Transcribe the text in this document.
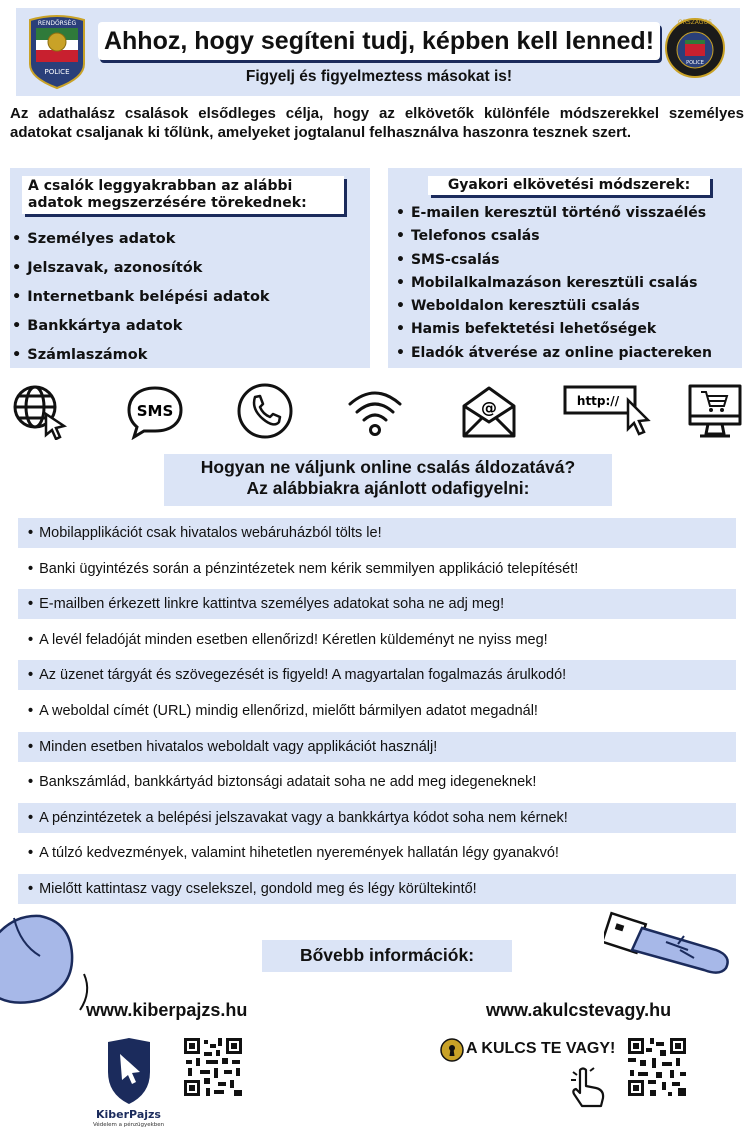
RENDŐRSÉG
POLICE
Ahhoz, hogy segíteni tudj, képben kell lenned!
Figyelj és figyelmeztess másokat is!
ORSZÁGOS
POLICE
Az adathalász csalások elsődleges célja, hogy az elkövetők különféle módszerekkel személyes adatokat csaljanak ki tőlünk, amelyeket jogtalanul felhasználva haszonra tesznek szert.
A csalók leggyakrabban az alábbi adatok megszerzésére törekednek:
Gyakori elkövetési módszerek:
• Személyes adatok
• Jelszavak, azonosítók
• Internetbank belépési adatok
• Bankkártya adatok
• Számlaszámok
• E-mailen keresztül történő visszaélés
• Telefonos csalás
• SMS-csalás
• Mobilalkalmazáson keresztüli csalás
• Weboldalon keresztüli csalás
• Hamis befektetési lehetőségek
• Eladók átverése az online piactereken
SMS	@	http://
Hogyan ne váljunk online csalás áldozatává?
Az alábbiakra ajánlott odafigyelni:
• Mobilapplikációt csak hivatalos webáruházból tölts le!
• Banki ügyintézés során a pénzintézetek nem kérik semmilyen applikáció telepítését!
• E-mailben érkezett linkre kattintva személyes adatokat soha ne adj meg!
• A levél feladóját minden esetben ellenőrizd! Kéretlen küldeményt ne nyiss meg!
• Az üzenet tárgyát és szövegezését is figyeld! A magyartalan fogalmazás árulkodó!
• A weboldal címét (URL) mindig ellenőrizd, mielőtt bármilyen adatot megadnál!
• Minden esetben hivatalos weboldalt vagy applikációt használj!
• Bankszámlád, bankkártyád biztonsági adatait soha ne add meg idegeneknek!
• A pénzintézetek a belépési jelszavakat vagy a bankkártya kódot soha nem kérnek!
• A túlzó kedvezmények, valamint hihetetlen nyeremények hallatán légy gyanakvó!
• Mielőtt kattintasz vagy cselekszel, gondold meg és légy körültekintő!
Bővebb információk:
www.kiberpajzs.hu	www.akulcstevagy.hu
KiberPajzs
Védelem a pénzügyekben
A KULCS TE VAGY!
